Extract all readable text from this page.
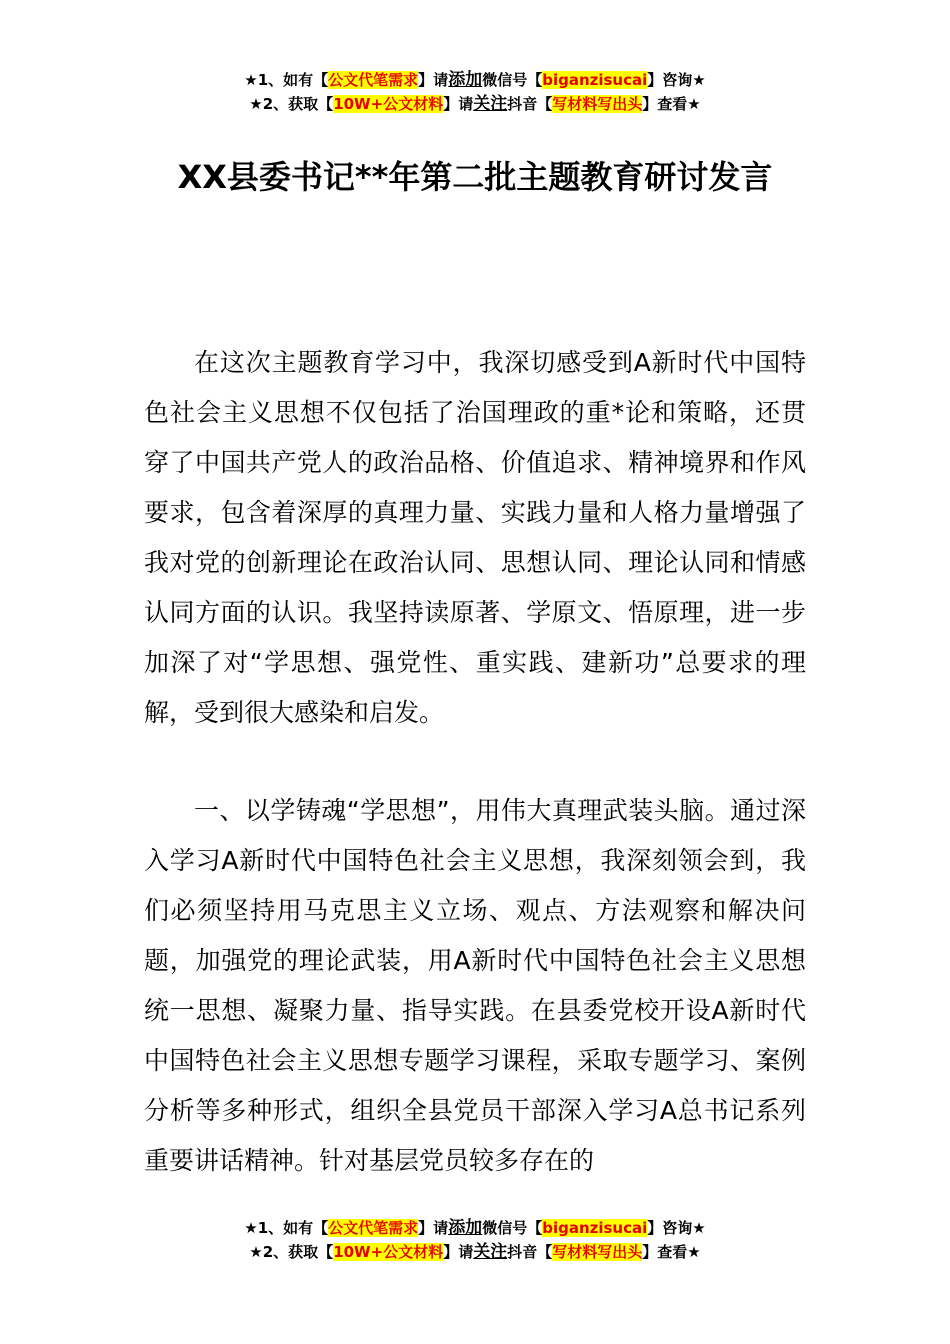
★1、如有【公文代笔需求】请添加微信号【biganzisucai】咨询★
★2、获取【10W+公文材料】请关注抖音【写材料写出头】查看★
XX县委书记**年第二批主题教育研讨发言

在这次主题教育学习中，我深切感受到A新时代中国特色社会主义思想不仅包括了治国理政的重*论和策略，还贯穿了中国共产党人的政治品格、价值追求、精神境界和作风要求，包含着深厚的真理力量、实践力量和人格力量增强了我对党的创新理论在政治认同、思想认同、理论认同和情感认同方面的认识。我坚持读原著、学原文、悟原理，进一步加深了对“学思想、强党性、重实践、建新功”总要求的理解，受到很大感染和启发。

一、以学铸魂“学思想”，用伟大真理武装头脑。通过深入学习A新时代中国特色社会主义思想，我深刻领会到，我们必须坚持用马克思主义立场、观点、方法观察和解决问题，加强党的理论武装，用A新时代中国特色社会主义思想统一思想、凝聚力量、指导实践。在县委党校开设A新时代中国特色社会主义思想专题学习课程，采取专题学习、案例分析等多种形式，组织全县党员干部深入学习A总书记系列重要讲话精神。针对基层党员较多存在的

★1、如有【公文代笔需求】请添加微信号【biganzisucai】咨询★
★2、获取【10W+公文材料】请关注抖音【写材料写出头】查看★
